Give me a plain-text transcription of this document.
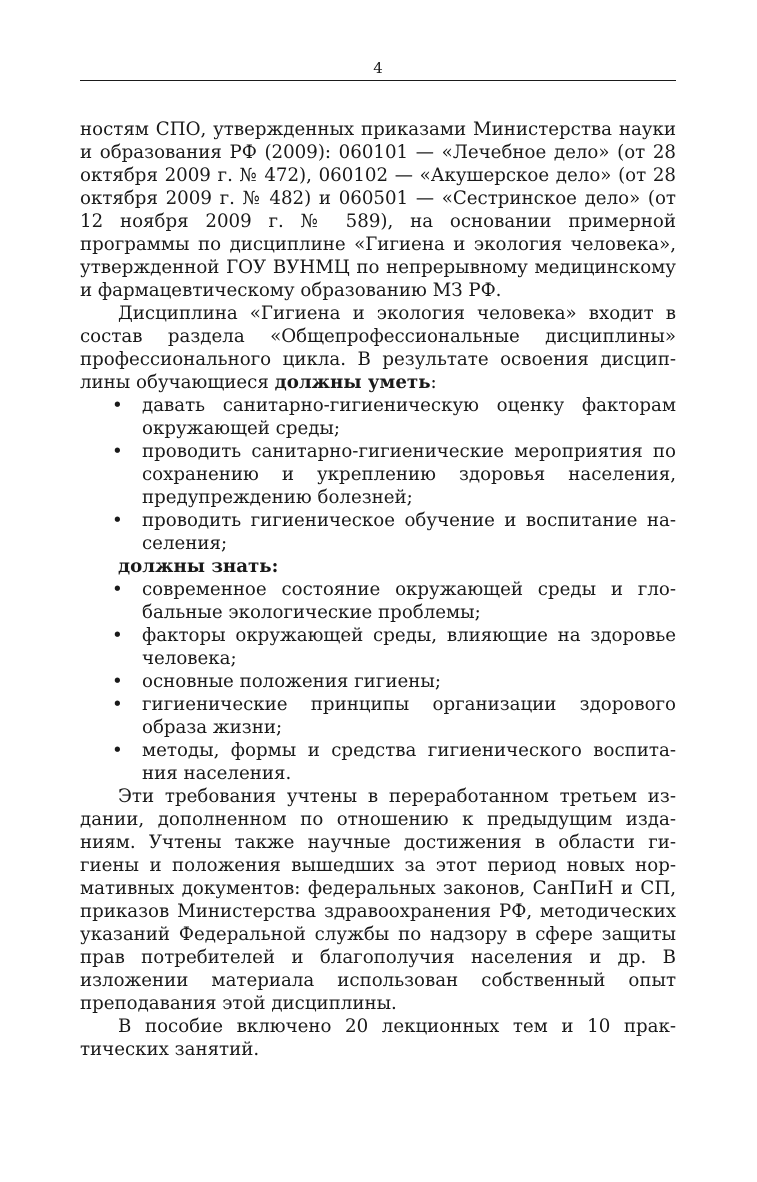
4

ностям СПО, утвержденных приказами Министерства науки и образования РФ (2009): 060101 — «Лечебное дело» (от 28 октября 2009 г. № 472), 060102 — «Акушерское дело» (от 28 октября 2009 г. № 482) и 060501 — «Сестринское дело» (от 12 ноября 2009 г. № 589), на основании примерной программы по дисциплине «Гигиена и экология человека», утвержденной ГОУ ВУНМЦ по непрерывному медицинскому и фармацевтическому образованию МЗ РФ.

Дисциплина «Гигиена и экология человека» входит в состав раздела «Общепрофессиональные дисциплины» профессионального цикла. В результате освоения дисциплины обучающиеся должны уметь:

• давать санитарно-гигиеническую оценку факторам окружающей среды;
• проводить санитарно-гигиенические мероприятия по сохранению и укреплению здоровья населения, предупреждению болезней;
• проводить гигиеническое обучение и воспитание населения;

должны знать:

• современное состояние окружающей среды и глобальные экологические проблемы;
• факторы окружающей среды, влияющие на здоровье человека;
• основные положения гигиены;
• гигиенические принципы организации здорового образа жизни;
• методы, формы и средства гигиенического воспитания населения.

Эти требования учтены в переработанном третьем издании, дополненном по отношению к предыдущим изданиям. Учтены также научные достижения в области гигиены и положения вышедших за этот период новых нормативных документов: федеральных законов, СанПиН и СП, приказов Министерства здравоохранения РФ, методических указаний Федеральной службы по надзору в сфере защиты прав потребителей и благополучия населения и др. В изложении материала использован собственный опыт преподавания этой дисциплины.

В пособие включено 20 лекционных тем и 10 практических занятий.
